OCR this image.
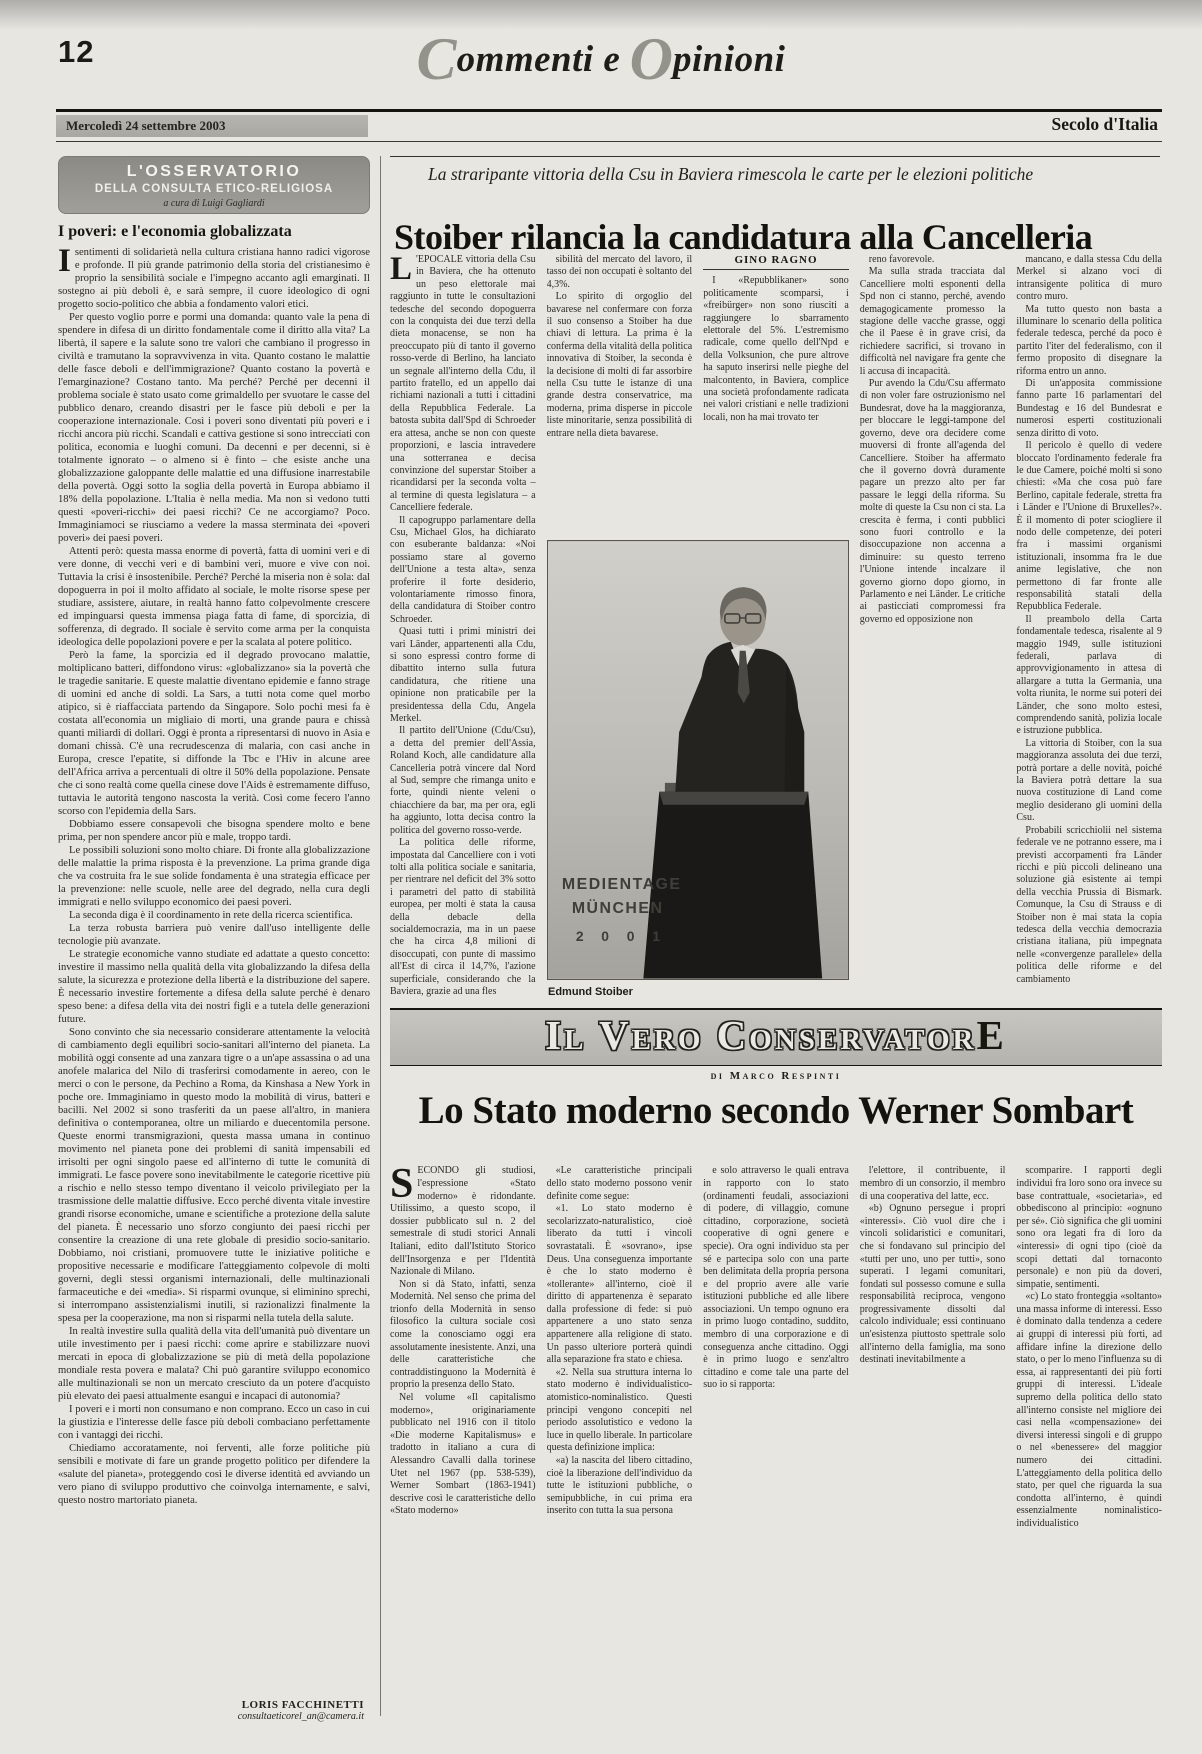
12	Commenti e Opinioni
Mercoledì 24 settembre 2003	Secolo d'Italia
L'OSSERVATORIO
DELLA CONSULTA ETICO-RELIGIOSA
a cura di Luigi Gagliardi
I poveri: e l'economia globalizzata

Isentimenti di solidarietà nella cultura cristiana hanno radici vigorose e profonde. Il più grande patrimonio della storia del cristianesimo è proprio la sensibilità sociale e l'impegno accanto agli emarginati. Il sostegno ai più deboli è, e sarà sempre, il cuore ideologico di ogni progetto socio-politico che abbia a fondamento valori etici.

Per questo voglio porre e pormi una domanda: quanto vale la pena di spendere in difesa di un diritto fondamentale come il diritto alla vita? La libertà, il sapere e la salute sono tre valori che cambiano il progresso in civiltà e tramutano la sopravvivenza in vita. Quanto costano le malattie delle fasce deboli e dell'immigrazione? Quanto costano la povertà e l'emarginazione? Costano tanto. Ma perché? Perché per decenni il problema sociale è stato usato come grimaldello per svuotare le casse del pubblico denaro, creando disastri per le fasce più deboli e per la cooperazione internazionale. Così i poveri sono diventati più poveri e i ricchi ancora più ricchi. Scandali e cattiva gestione si sono intrecciati con politica, economia e luoghi comuni. Da decenni e per decenni, si è totalmente ignorato – o almeno si è finto – che esiste anche una globalizzazione galoppante delle malattie ed una diffusione inarrestabile della povertà. Oggi sotto la soglia della povertà in Europa abbiamo il 18% della popolazione. L'Italia è nella media. Ma non si vedono tutti questi «poveri-ricchi» dei paesi ricchi? Ce ne accorgiamo? Poco. Immaginiamoci se riusciamo a vedere la massa sterminata dei «poveri poveri» dei paesi poveri.

Attenti però: questa massa enorme di povertà, fatta di uomini veri e di vere donne, di vecchi veri e di bambini veri, muore e vive con noi. Tuttavia la crisi è insostenibile. Perché? Perché la miseria non è sola: dal dopoguerra in poi il molto affidato al sociale, le molte risorse spese per studiare, assistere, aiutare, in realtà hanno fatto colpevolmente crescere ed impinguarsi questa immensa piaga fatta di fame, di sporcizia, di sofferenza, di degrado. Il sociale è servito come arma per la conquista ideologica delle popolazioni povere e per la scalata al potere politico.

Però la fame, la sporcizia ed il degrado provocano malattie, moltiplicano batteri, diffondono virus: «globalizzano» sia la povertà che le tragedie sanitarie. E queste malattie diventano epidemie e fanno strage di uomini ed anche di soldi. La Sars, a tutti nota come quel morbo atipico, si è riaffacciata partendo da Singapore. Solo pochi mesi fa è costata all'economia un migliaio di morti, una grande paura e chissà quanti miliardi di dollari. Oggi è pronta a ripresentarsi di nuovo in Asia e domani chissà. C'è una recrudescenza di malaria, con casi anche in Europa, cresce l'epatite, si diffonde la Tbc e l'Hiv in alcune aree dell'Africa arriva a percentuali di oltre il 50% della popolazione. Pensate che ci sono realtà come quella cinese dove l'Aids è estremamente diffuso, tuttavia le autorità tengono nascosta la verità. Così come fecero l'anno scorso con l'epidemia della Sars.

Dobbiamo essere consapevoli che bisogna spendere molto e bene prima, per non spendere ancor più e male, troppo tardi.

Le possibili soluzioni sono molto chiare. Di fronte alla globalizzazione delle malattie la prima risposta è la prevenzione. La prima grande diga che va costruita fra le sue solide fondamenta è una strategia efficace per la prevenzione: nelle scuole, nelle aree del degrado, nella cura degli immigrati e nello sviluppo economico dei paesi poveri.

La seconda diga è il coordinamento in rete della ricerca scientifica.

La terza robusta barriera può venire dall'uso intelligente delle tecnologie più avanzate.

Le strategie economiche vanno studiate ed adattate a questo concetto: investire il massimo nella qualità della vita globalizzando la difesa della salute, la sicurezza e protezione della libertà e la distribuzione del sapere. È necessario investire fortemente a difesa della salute perché è denaro speso bene: a difesa della vita dei nostri figli e a tutela delle generazioni future.

Sono convinto che sia necessario considerare attentamente la velocità di cambiamento degli equilibri socio-sanitari all'interno del pianeta. La mobilità oggi consente ad una zanzara tigre o a un'ape assassina o ad una anofele malarica del Nilo di trasferirsi comodamente in aereo, con le merci o con le persone, da Pechino a Roma, da Kinshasa a New York in poche ore. Immaginiamo in questo modo la mobilità di virus, batteri e bacilli. Nel 2002 si sono trasferiti da un paese all'altro, in maniera definitiva o contemporanea, oltre un miliardo e duecentomila persone. Queste enormi transmigrazioni, questa massa umana in continuo movimento nel pianeta pone dei problemi di sanità impensabili ed irrisolti per ogni singolo paese ed all'interno di tutte le comunità di immigrati. Le fasce povere sono inevitabilmente le categorie ricettive più a rischio e nello stesso tempo diventano il veicolo privilegiato per la trasmissione delle malattie diffusive. Ecco perché diventa vitale investire grandi risorse economiche, umane e scientifiche a protezione della salute del pianeta. È necessario uno sforzo congiunto dei paesi ricchi per consentire la creazione di una rete globale di presidio socio-sanitario. Dobbiamo, noi cristiani, promuovere tutte le iniziative politiche e propositive necessarie e modificare l'atteggiamento colpevole di molti governi, degli stessi organismi internazionali, delle multinazionali farmaceutiche e dei «media». Si risparmi ovunque, si eliminino sprechi, si interrompano assistenzialismi inutili, si razionalizzi finalmente la spesa per la cooperazione, ma non si risparmi nella tutela della salute.

In realtà investire sulla qualità della vita dell'umanità può diventare un utile investimento per i paesi ricchi: come aprire e stabilizzare nuovi mercati in epoca di globalizzazione se più di metà della popolazione mondiale resta povera e malata? Chi può garantire sviluppo economico alle multinazionali se non un mercato cresciuto da un potere d'acquisto più elevato dei paesi attualmente esangui e incapaci di autonomia?

I poveri e i morti non consumano e non comprano. Ecco un caso in cui la giustizia e l'interesse delle fasce più deboli combaciano perfettamente con i vantaggi dei ricchi.

Chiediamo accoratamente, noi ferventi, alle forze politiche più sensibili e motivate di fare un grande progetto politico per difendere la «salute del pianeta», proteggendo così le diverse identità ed avviando un vero piano di sviluppo produttivo che coinvolga internamente, e salvi, questo nostro martoriato pianeta.

LORIS FACCHINETTI
consultaeticorel_an@camera.it
La straripante vittoria della Csu in Baviera rimescola le carte per le elezioni politiche
Stoiber rilancia la candidatura alla Cancelleria

L 'EPOCALE vittoria della Csu in Baviera, che ha ottenuto un peso elettorale mai raggiunto in tutte le consultazioni tedesche del secondo dopoguerra con la conquista dei due terzi della dieta monacense, se non ha preoccupato più di tanto il governo rosso-verde di Berlino, ha lanciato un segnale all'interno della Cdu, il partito fratello, ed un appello dai richiami nazionali a tutti i cittadini della Repubblica Federale. La batosta subita dall'Spd di Schroeder era attesa, anche se non con queste proporzioni, e lascia intravedere una sotterranea e decisa convinzione del superstar Stoiber a ricandidarsi per la seconda volta – al termine di questa legislatura – a Cancelliere federale.

Il capogruppo parlamentare della Csu, Michael Glos, ha dichiarato con esuberante baldanza: «Noi possiamo stare al governo dell'Unione a testa alta», senza proferire il forte desiderio, volontariamente rimosso finora, della candidatura di Stoiber contro Schroeder.

Quasi tutti i primi ministri dei vari Länder, appartenenti alla Cdu, si sono espressi contro forme di dibattito interno sulla futura candidatura, che ritiene una opinione non praticabile per la presidentessa della Cdu, Angela Merkel.

Il partito dell'Unione (Cdu/Csu), a detta del premier dell'Assia, Roland Koch, alle candidature alla Cancelleria potrà vincere dal Nord al Sud, sempre che rimanga unito e forte, quindi niente veleni o chiacchiere da bar, ma per ora, egli ha aggiunto, lotta decisa contro la politica del governo rosso-verde.

La politica delle riforme, impostata dal Cancelliere con i voti tolti alla politica sociale e sanitaria, per rientrare nel deficit del 3% sotto i parametri del patto di stabilità europea, per molti è stata la causa della debacle della socialdemocrazia, ma in un paese che ha circa 4,8 milioni di disoccupati, con punte di massimo all'Est di circa il 14,7%, l'azione superficiale, considerando che la Baviera, grazie ad una fles

sibilità del mercato del lavoro, il tasso dei non occupati è soltanto del 4,3%.

Lo spirito di orgoglio del bavarese nel confermare con forza il suo consenso a Stoiber ha due chiavi di lettura. La prima è la conferma della vitalità della politica innovativa di Stoiber, la seconda è la decisione di molti di far assorbire nella Csu tutte le istanze di una grande destra conservatrice, ma moderna, prima disperse in piccole liste minoritarie, senza possibilità di entrare nella dieta bavarese.

GINO RAGNO

I «Repubblikaner» sono politicamente scomparsi, i «freibürger» non sono riusciti a raggiungere lo sbarramento elettorale del 5%. L'estremismo radicale, come quello dell'Npd e della Volksunion, che pure altrove ha saputo inserirsi nelle pieghe del malcontento, in Baviera, complice una società profondamente radicata nei valori cristiani e nelle tradizioni locali, non ha mai trovato ter

reno favorevole.

Ma sulla strada tracciata dal Cancelliere molti esponenti della Spd non ci stanno, perché, avendo demagogicamente promesso la stagione delle vacche grasse, oggi che il Paese è in grave crisi, da richiedere sacrifici, si trovano in difficoltà nel navigare fra gente che li accusa di incapacità.

Pur avendo la Cdu/Csu affermato di non voler fare ostruzionismo nel Bundesrat, dove ha la maggioranza, per bloccare le leggi-tampone del governo, deve ora decidere come muoversi di fronte all'agenda del Cancelliere. Stoiber ha affermato che il governo dovrà duramente pagare un prezzo alto per far passare le leggi della riforma. Su molte di queste la Csu non ci sta. La crescita è ferma, i conti pubblici sono fuori controllo e la disoccupazione non accenna a diminuire: su questo terreno l'Unione intende incalzare il governo giorno dopo giorno, in Parlamento e nei Länder. Le critiche ai pasticciati compromessi fra governo ed opposizione non

mancano, e dalla stessa Cdu della Merkel si alzano voci di intransigente politica di muro contro muro.

Ma tutto questo non basta a illuminare lo scenario della politica federale tedesca, perché da poco è partito l'iter del federalismo, con il fermo proposito di disegnare la riforma entro un anno.

Di un'apposita commissione fanno parte 16 parlamentari del Bundestag e 16 del Bundesrat e numerosi esperti costituzionali senza diritto di voto.

Il pericolo è quello di vedere bloccato l'ordinamento federale fra le due Camere, poiché molti si sono chiesti: «Ma che cosa può fare Berlino, capitale federale, stretta fra i Länder e l'Unione di Bruxelles?». È il momento di poter sciogliere il nodo delle competenze, dei poteri fra i massimi organismi istituzionali, insomma fra le due anime legislative, che non permettono di far fronte alle responsabilità statali della Repubblica Federale.

Il preambolo della Carta fondamentale tedesca, risalente al 9 maggio 1949, sulle istituzioni federali, parlava di approvvigionamento in attesa di allargare a tutta la Germania, una volta riunita, le norme sui poteri dei Länder, che sono molto estesi, comprendendo sanità, polizia locale e istruzione pubblica.

La vittoria di Stoiber, con la sua maggioranza assoluta dei due terzi, potrà portare a delle novità, poiché la Baviera potrà dettare la sua nuova costituzione di Land come meglio desiderano gli uomini della Csu.

Probabili scricchiolii nel sistema federale ve ne potranno essere, ma i previsti accorpamenti fra Länder ricchi e più piccoli delineano una soluzione già esistente ai tempi della vecchia Prussia di Bismark. Comunque, la Csu di Strauss e di Stoiber non è mai stata la copia tedesca della vecchia democrazia cristiana italiana, più impegnata nelle «convergenze parallele» della politica delle riforme e del cambiamento

MEDIENTAGE
MÜNCHEN
2 0 0 1
Edmund Stoiber
Il Vero ConservatorE
di Marco Respinti
Lo Stato moderno secondo Werner Sombart

SECONDO gli studiosi, l'espressione «Stato moderno» è ridondante. Utilissimo, a questo scopo, il dossier pubblicato sul n. 2 del semestrale di studi storici Annali Italiani, edito dall'Istituto Storico dell'Insorgenza e per l'Identità Nazionale di Milano.

Non si dà Stato, infatti, senza Modernità. Nel senso che prima del trionfo della Modernità in senso filosofico la cultura sociale così come la conosciamo oggi era assolutamente inesistente. Anzi, una delle caratteristiche che contraddistinguono la Modernità è proprio la presenza dello Stato.

Nel volume «Il capitalismo moderno», originariamente pubblicato nel 1916 con il titolo «Die moderne Kapitalismus» e tradotto in italiano a cura di Alessandro Cavalli dalla torinese Utet nel 1967 (pp. 538-539), Werner Sombart (1863-1941) descrive così le caratteristiche dello «Stato moderno»

«Le caratteristiche principali dello stato moderno possono venir definite come segue:

«1. Lo stato moderno è secolarizzato-naturalistico, cioè liberato da tutti i vincoli sovrastatali. È «sovrano», ipse Deus. Una conseguenza importante è che lo stato moderno è «tollerante» all'interno, cioè il diritto di appartenenza è separato dalla professione di fede: si può appartenere a uno stato senza appartenere alla religione di stato. Un passo ulteriore porterà quindi alla separazione fra stato e chiesa.

«2. Nella sua struttura interna lo stato moderno è individualistico-atomistico-nominalistico. Questi principi vengono concepiti nel periodo assolutistico e vedono la luce in quello liberale. In particolare questa definizione implica:

«a) la nascita del libero cittadino, cioè la liberazione dell'individuo da tutte le istituzioni pubbliche, o semipubbliche, in cui prima era inserito con tutta la sua persona

e solo attraverso le quali entrava in rapporto con lo stato (ordinamenti feudali, associazioni di podere, di villaggio, comune cittadino, corporazione, società cooperative di ogni genere e specie). Ora ogni individuo sta per sé e partecipa solo con una parte ben delimitata della propria persona e del proprio avere alle varie istituzioni pubbliche ed alle libere associazioni. Un tempo ognuno era in primo luogo contadino, suddito, membro di una corporazione e di conseguenza anche cittadino. Oggi è in primo luogo e senz'altro cittadino e come tale una parte del suo io si rapporta:

l'elettore, il contribuente, il membro di un consorzio, il membro di una cooperativa del latte, ecc.

«b) Ognuno persegue i propri «interessi». Ciò vuol dire che i vincoli solidaristici e comunitari, che si fondavano sul principio del «tutti per uno, uno per tutti», sono superati. I legami comunitari, fondati sul possesso comune e sulla responsabilità reciproca, vengono progressivamente dissolti dal calcolo individuale; essi continuano un'esistenza piuttosto spettrale solo all'interno della famiglia, ma sono destinati inevitabilmente a

scomparire. I rapporti degli individui fra loro sono ora invece su base contrattuale, «societaria», ed obbediscono al principio: «ognuno per sé». Ciò significa che gli uomini sono ora legati fra di loro da «interessi» di ogni tipo (cioè da scopi dettati dal tornaconto personale) e non più da doveri, simpatie, sentimenti.

«c) Lo stato fronteggia «soltanto» una massa informe di interessi. Esso è dominato dalla tendenza a cedere ai gruppi di interessi più forti, ad affidare infine la direzione dello stato, o per lo meno l'influenza su di essa, ai rappresentanti dei più forti gruppi di interessi. L'ideale supremo della politica dello stato all'interno consiste nel migliore dei casi nella «compensazione» dei diversi interessi singoli e di gruppo o nel «benessere» del maggior numero dei cittadini. L'atteggiamento della politica dello stato, per quel che riguarda la sua condotta all'interno, è quindi essenzialmente nominalistico-individualistico
